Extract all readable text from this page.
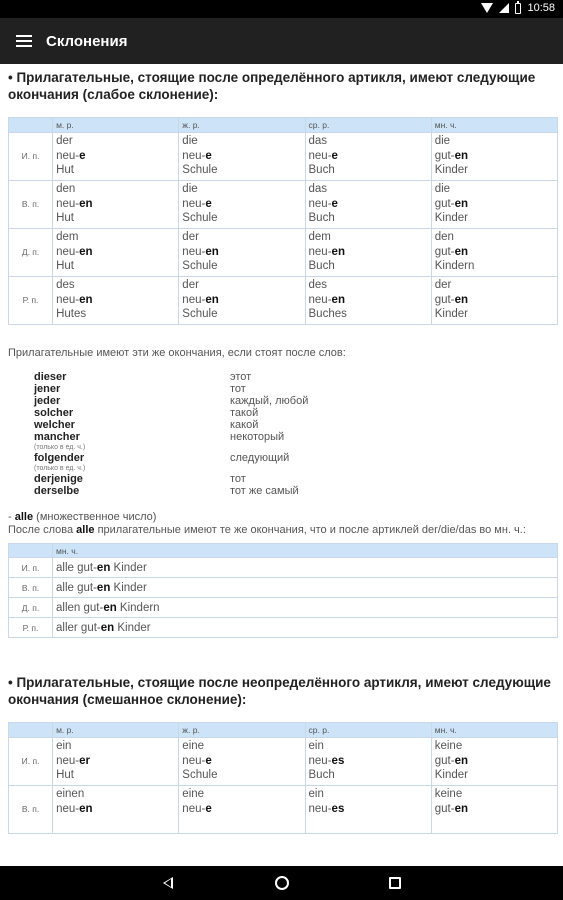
10:58
Склонения
• Прилагательные, стоящие после определённого артикля, имеют следующие окончания (слабое склонение):
	м. р.	ж. р.	ср. р.	мн. ч.
И. п.	der
neu-e
Hut	die
neu-e
Schule	das
neu-e
Buch	die
gut-en
Kinder

В. п.	den
neu-en
Hut	die
neu-e
Schule	das
neu-e
Buch	die
gut-en
Kinder

Д. п.	dem
neu-en
Hut	der
neu-en
Schule	dem
neu-en
Buch	den
gut-en
Kindern

Р. п.	des
neu-en
Hutes	der
neu-en
Schule	des
neu-en
Buches	der
gut-en
Kinder
Прилагательные имеют эти же окончания, если стоят после слов:
dieser	этот
jener	тот
jeder	каждый, любой
solcher	такой
welcher	какой
mancher	некоторый
(только в ед. ч.)
folgender	следующий
(только в ед. ч.)
derjenige	тот
derselbe	тот же самый
- alle (множественное число)
После слова alle прилагательные имеют те же окончания, что и после артиклей der/die/das во мн. ч.:
	мн. ч.
И. п.	alle gut-en Kinder
В. п.	alle gut-en Kinder
Д. п.	allen gut-en Kindern
Р. п.	aller gut-en Kinder
• Прилагательные, стоящие после неопределённого артикля, имеют следующие окончания (смешанное склонение):
	м. р.	ж. р.	ср. р.	мн. ч.
И. п.	ein
neu-er
Hut	eine
neu-e
Schule	ein
neu-es
Buch	keine
gut-en
Kinder

В. п.	einen
neu-en	eine
neu-e	ein
neu-es	keine
gut-en
